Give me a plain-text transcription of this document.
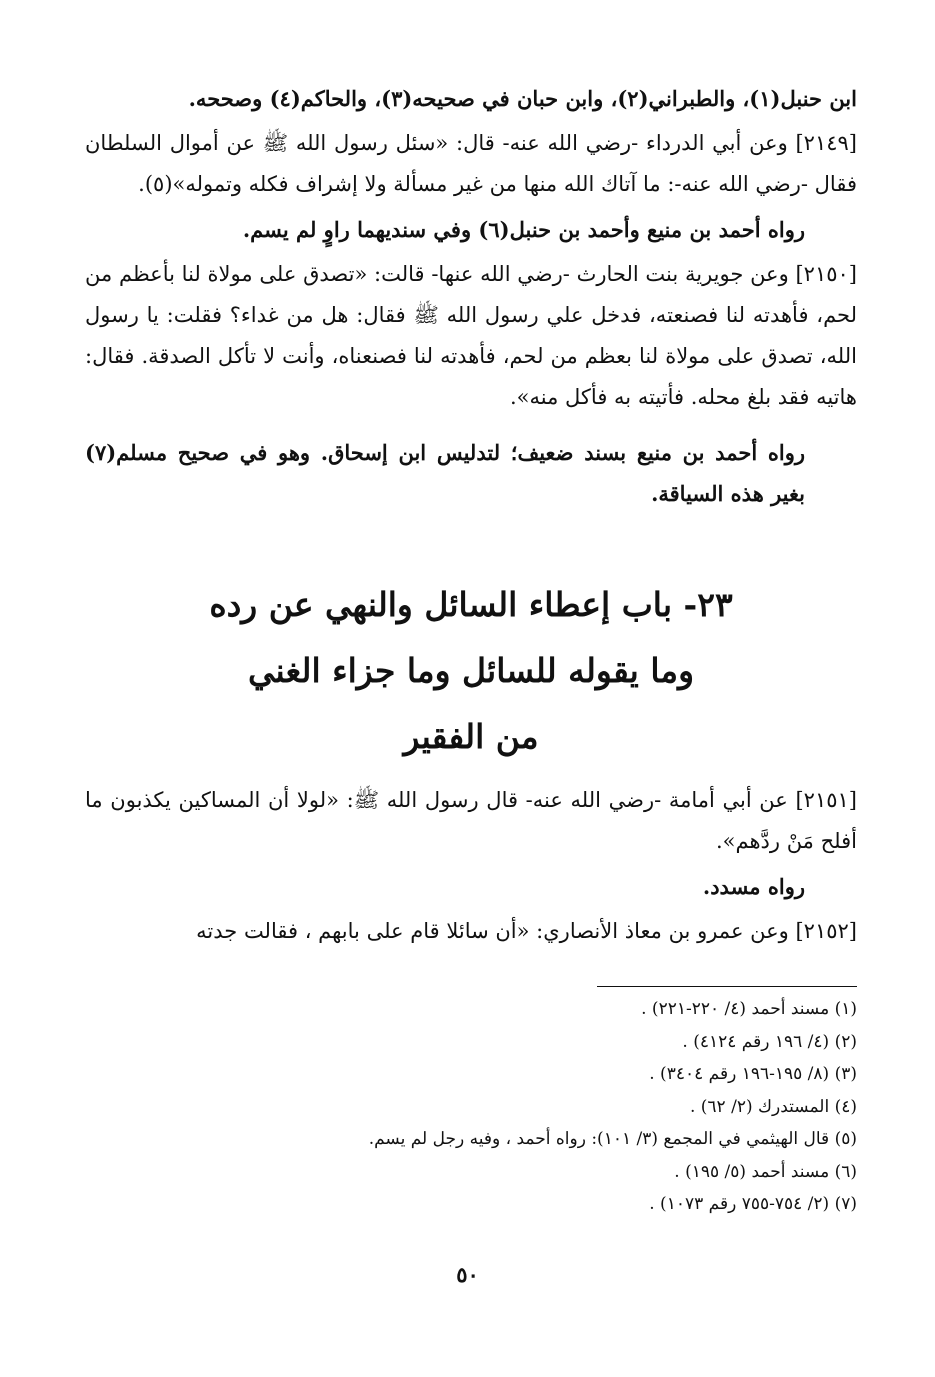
ابن حنبل(١)، والطبراني(٢)، وابن حبان في صحيحه(٣)، والحاكم(٤) وصححه.

[٢١٤٩] وعن أبي الدرداء -رضي الله عنه- قال: «سئل رسول الله ﷺ عن أموال السلطان فقال -رضي الله عنه-: ما آتاك الله منها من غير مسألة ولا إشراف فكله وتموله»(٥).

رواه أحمد بن منيع وأحمد بن حنبل(٦) وفي سنديهما راوٍ لم يسم.

[٢١٥٠] وعن جويرية بنت الحارث -رضي الله عنها- قالت: «تصدق على مولاة لنا بأعظم من لحم، فأهدته لنا فصنعته، فدخل علي رسول الله ﷺ فقال: هل من غداء؟ فقلت: يا رسول الله، تصدق على مولاة لنا بعظم من لحم، فأهدته لنا فصنعناه، وأنت لا تأكل الصدقة. فقال: هاتيه فقد بلغ محله. فأتيته به فأكل منه».

رواه أحمد بن منيع بسند ضعيف؛ لتدليس ابن إسحاق. وهو في صحيح مسلم(٧) بغير هذه السياقة.

٢٣- باب إعطاء السائل والنهي عن رده

وما يقوله للسائل وما جزاء الغني

من الفقير

[٢١٥١] عن أبي أمامة -رضي الله عنه- قال رسول الله ﷺ: «لولا أن المساكين يكذبون ما أفلح مَنْ ردَّهم».

رواه مسدد.

[٢١٥٢] وعن عمرو بن معاذ الأنصاري: «أن سائلا قام على بابهم ، فقالت جدته

(١) مسند أحمد (٤/ ٢٢٠-٢٢١) .
(٢) (٤/ ١٩٦ رقم ٤١٢٤) .
(٣) (٨/ ١٩٥-١٩٦ رقم ٣٤٠٤) .
(٤) المستدرك (٢/ ٦٢) .
(٥) قال الهيثمي في المجمع (٣/ ١٠١): رواه أحمد ، وفيه رجل لم يسم.
(٦) مسند أحمد (٥/ ١٩٥) .
(٧) (٢/ ٧٥٤-٧٥٥ رقم ١٠٧٣) .
٥٠
